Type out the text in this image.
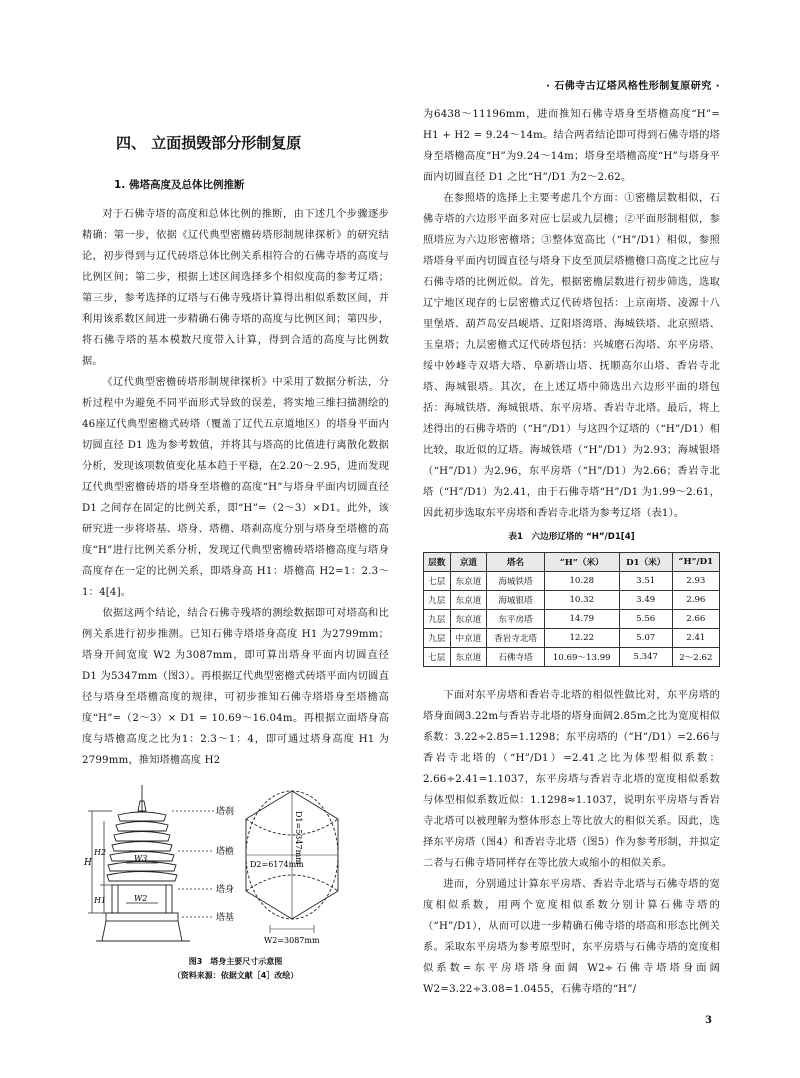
· 石佛寺古辽塔风格性形制复原研究 ·
四、 立面损毁部分形制复原
1. 佛塔高度及总体比例推断

对于石佛寺塔的高度和总体比例的推断，由下述几个步骤逐步精确：第一步，依据《辽代典型密檐砖塔形制规律探析》的研究结论，初步得到与辽代砖塔总体比例关系相符合的石佛寺塔的高度与比例区间；第二步，根据上述区间选择多个相似度高的参考辽塔；第三步，参考选择的辽塔与石佛寺残塔计算得出相似系数区间，并利用该系数区间进一步精确石佛寺塔的高度与比例区间；第四步，将石佛寺塔的基本模数尺度带入计算，得到合适的高度与比例数据。

《辽代典型密檐砖塔形制规律探析》中采用了数据分析法，分析过程中为避免不同平面形式导致的误差，将实地三维扫描测绘的46座辽代典型密檐式砖塔（覆盖了辽代五京道地区）的塔身平面内切圆直径 D1 选为参考数值，并将其与塔高的比值进行离散化数据分析，发现该项数值变化基本趋于平稳，在2.20～2.95，进而发现辽代典型密檐砖塔的塔身至塔檐的高度“H”与塔身平面内切圆直径 D1 之间存在固定的比例关系，即“H”=（2～3）×D1。此外，该研究进一步将塔基、塔身、塔檐、塔刹高度分别与塔身至塔檐的高度“H”进行比例关系分析，发现辽代典型密檐砖塔塔檐高度与塔身高度存在一定的比例关系，即塔身高 H1：塔檐高 H2=1：2.3～1：4[4]。

依据这两个结论，结合石佛寺残塔的测绘数据即可对塔高和比例关系进行初步推测。已知石佛寺塔塔身高度 H1 为2799mm；塔身开间宽度 W2 为3087mm，即可算出塔身平面内切圆直径 D1 为5347mm（图3）。再根据辽代典型密檐式砖塔平面内切圆直径与塔身至塔檐高度的规律，可初步推知石佛寺塔塔身至塔檐高度“H”=（2～3）× D1 = 10.69～16.04m。再根据立面塔身高度与塔檐高度之比为1：2.3～1：4，即可通过塔身高度 H1 为2799mm，推知塔檐高度 H2

H
H2
H1
W3
W2
塔刹
塔檐
塔身
塔基
D1=5347mm
D2=6174mm
W2=3087mm
图3　塔身主要尺寸示意图
（资料来源：依据文献［4］改绘）

为6438～11196mm，进而推知石佛寺塔身至塔檐高度“H”= H1 + H2 = 9.24～14m。结合两者结论即可得到石佛寺塔的塔身至塔檐高度“H”为9.24～14m；塔身至塔檐高度“H”与塔身平面内切圆直径 D1 之比“H”/D1 为2～2.62。

在参照塔的选择上主要考虑几个方面：①密檐层数相似，石佛寺塔的六边形平面多对应七层或九层檐；②平面形制相似，参照塔应为六边形密檐塔；③整体宽高比（“H”/D1）相似，参照塔塔身平面内切圆直径与塔身下皮至顶层塔檐檐口高度之比应与石佛寺塔的比例近似。首先，根据密檐层数进行初步筛选，选取辽宁地区现存的七层密檐式辽代砖塔包括：上京南塔、凌源十八里堡塔、葫芦岛安昌岘塔、辽阳塔湾塔、海城铁塔、北京照塔、玉皇塔；九层密檐式辽代砖塔包括：兴城磨石沟塔、东平房塔、绥中妙峰寺双塔大塔、阜新塔山塔、抚顺高尔山塔、香岩寺北塔、海城银塔。其次，在上述辽塔中筛选出六边形平面的塔包括：海城铁塔、海城银塔、东平房塔、香岩寺北塔。最后，将上述得出的石佛寺塔的（“H”/D1）与这四个辽塔的（“H”/D1）相比较，取近似的辽塔。海城铁塔（“H”/D1）为2.93；海城银塔（“H”/D1）为2.96，东平房塔（“H”/D1）为2.66；香岩寺北塔（“H”/D1）为2.41，由于石佛寺塔“H”/D1 为1.99～2.61，因此初步选取东平房塔和香岩寺北塔为参考辽塔（表1）。

表1　六边形辽塔的 “H”/D1[4]
层数	京道	塔名	“H”（米）	D1（米）	“H”/D1
七层	东京道	海城铁塔	10.28	3.51	2.93
九层	东京道	海城银塔	10.32	3.49	2.96
九层	东京道	东平房塔	14.79	5.56	2.66
九层	中京道	香岩寺北塔	12.22	5.07	2.41
七层	东京道	石佛寺塔	10.69～13.99	5.347	2～2.62

下面对东平房塔和香岩寺北塔的相似性做比对，东平房塔的塔身面阔3.22m与香岩寺北塔的塔身面阔2.85m之比为宽度相似系数：3.22÷2.85=1.1298；东平房塔的（“H”/D1）=2.66与香岩寺北塔的（“H”/D1）=2.41之比为体型相似系数：2.66÷2.41=1.1037，东平房塔与香岩寺北塔的宽度相似系数与体型相似系数近似：1.1298≈1.1037，说明东平房塔与香岩寺北塔可以被理解为整体形态上等比放大的相似关系。因此，选择东平房塔（图4）和香岩寺北塔（图5）作为参考形制，并拟定二者与石佛寺塔同样存在等比放大或缩小的相似关系。

进而，分别通过计算东平房塔、香岩寺北塔与石佛寺塔的宽度相似系数，用两个宽度相似系数分别计算石佛寺塔的（“H”/D1），从而可以进一步精确石佛寺塔的塔高和形态比例关系。采取东平房塔为参考原型时，东平房塔与石佛寺塔的宽度相似系数=东平房塔塔身面阔 W2÷石佛寺塔塔身面阔 W2=3.22÷3.08=1.0455，石佛寺塔的“H”/

3
